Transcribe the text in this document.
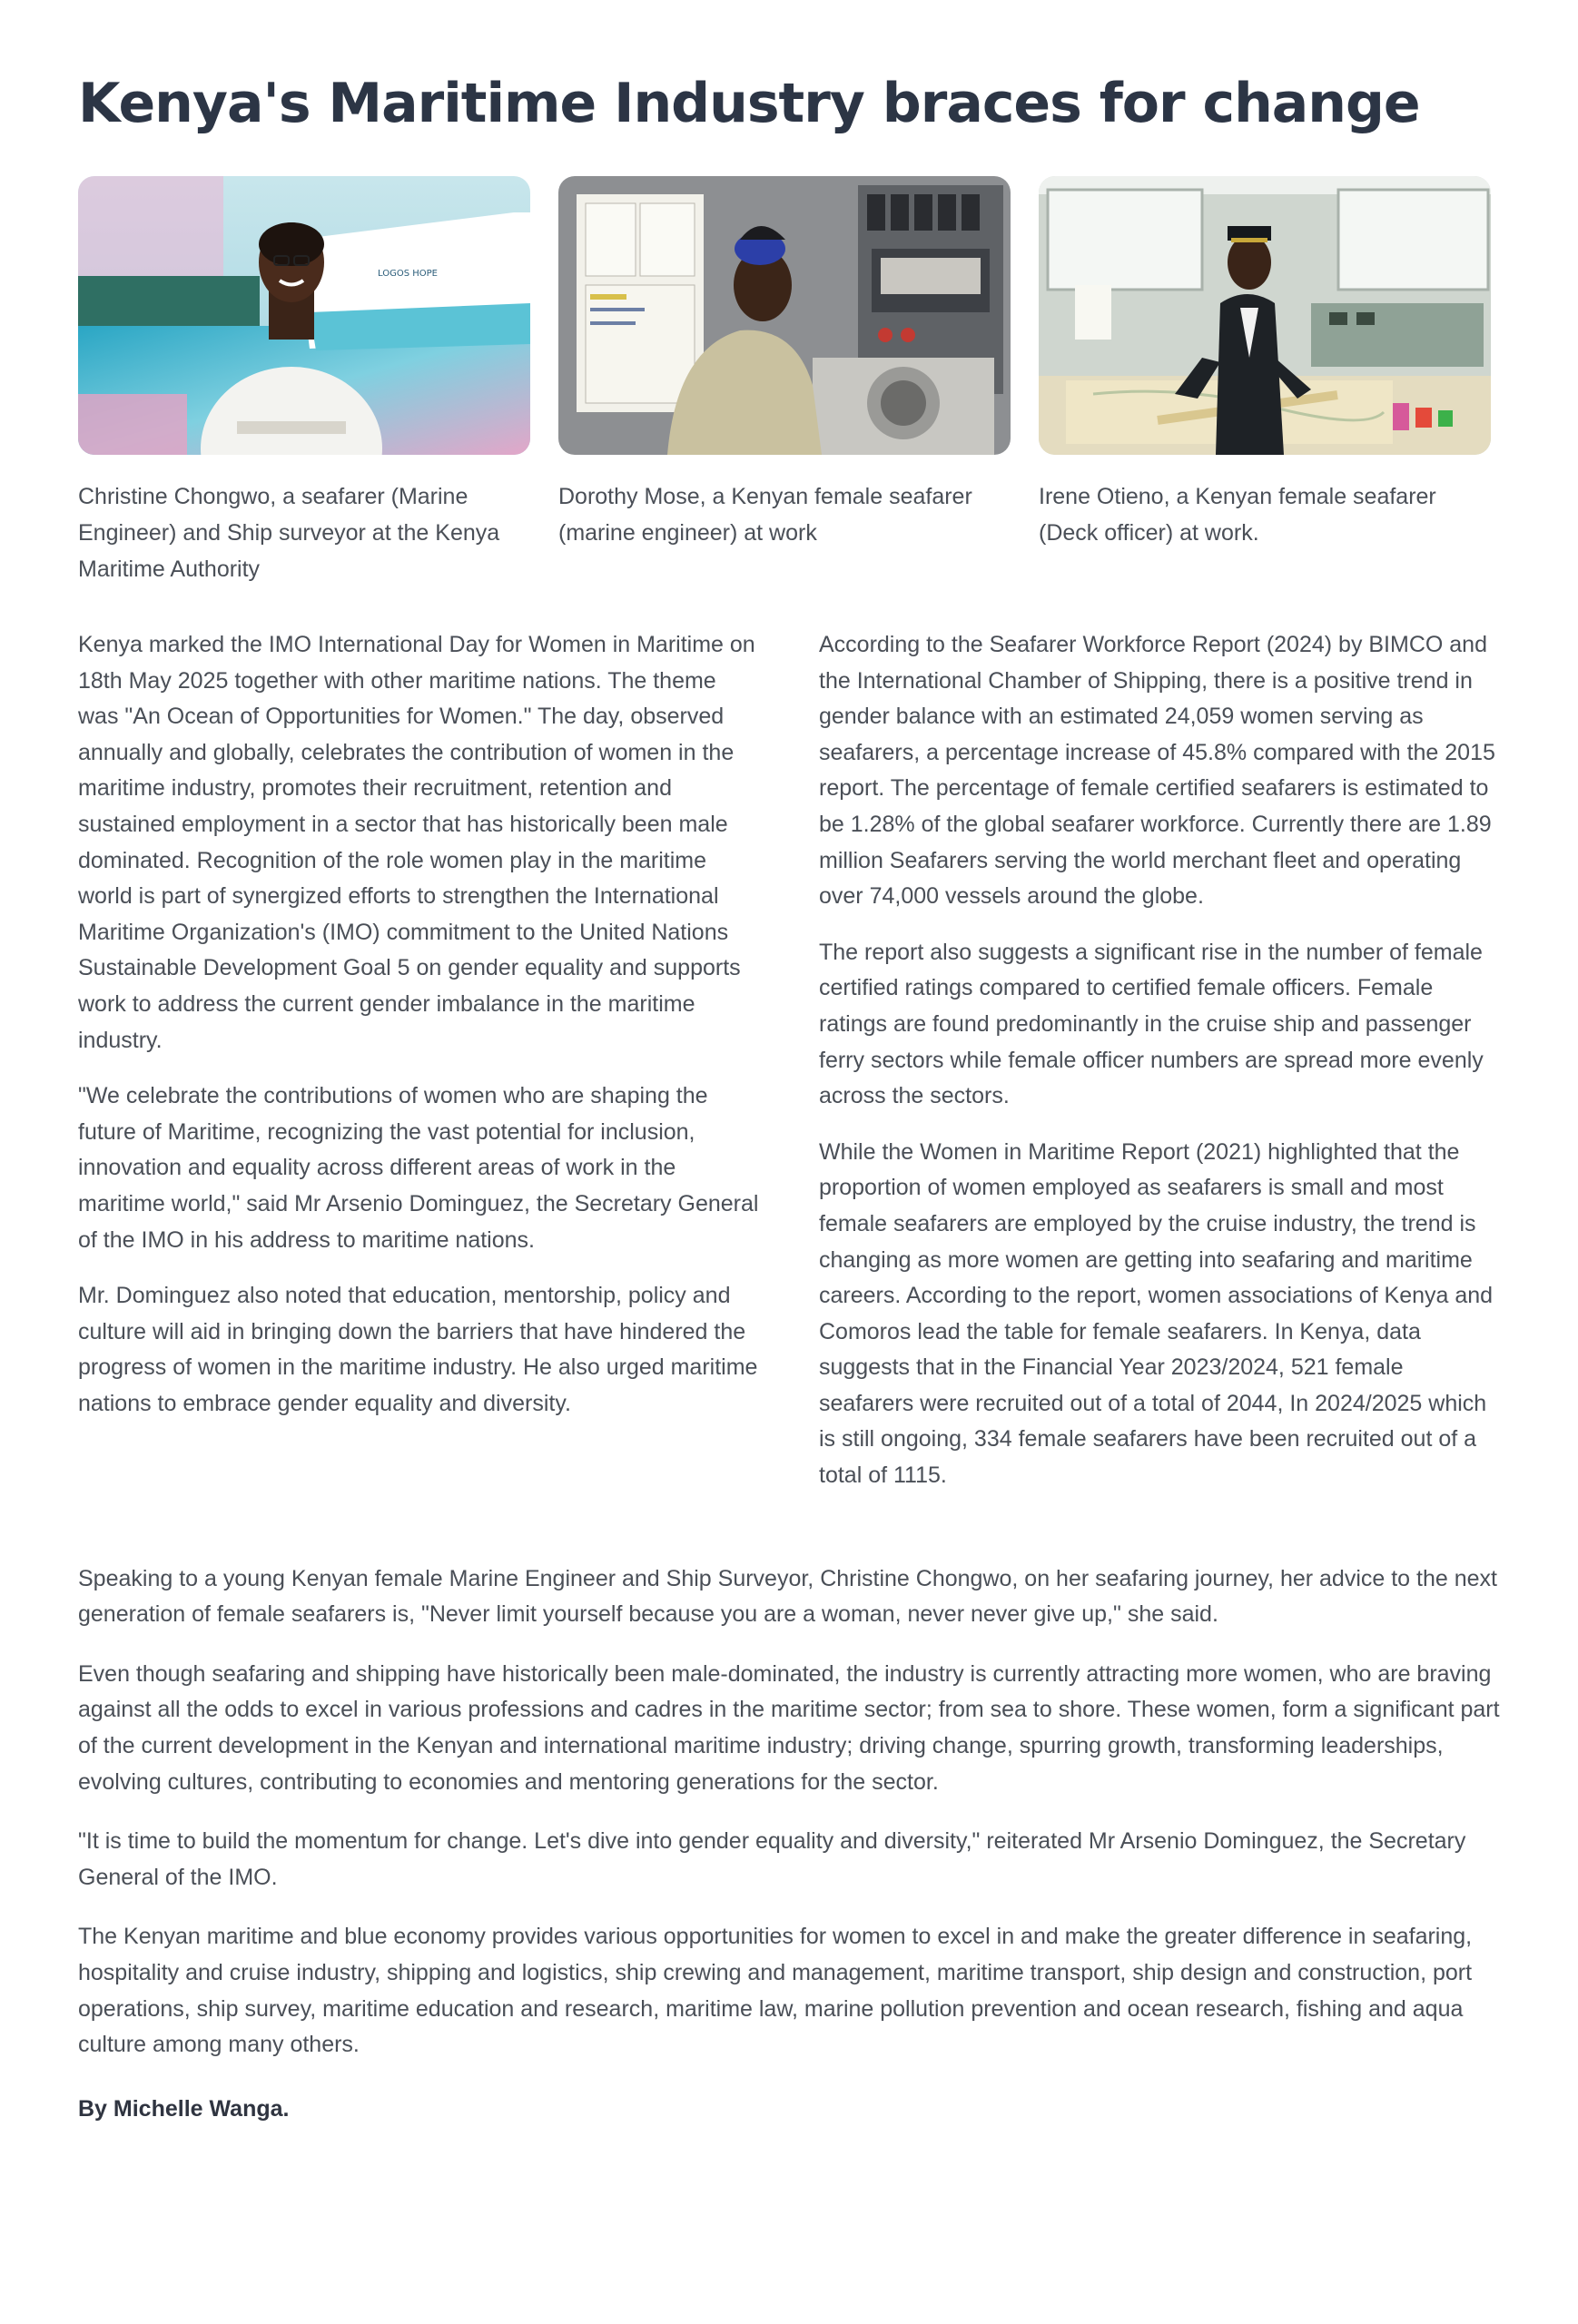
Kenya's Maritime Industry braces for change
LOGOS HOPE
Christine Chongwo, a seafarer (Marine Engineer) and Ship surveyor at the Kenya Maritime Authority
Dorothy Mose, a Kenyan female seafarer (marine engineer) at work
Irene Otieno, a Kenyan female seafarer (Deck officer) at work.

Kenya marked the IMO International Day for Women in Maritime on 18th May 2025 together with other maritime nations. The theme was "An Ocean of Opportunities for Women." The day, observed annually and globally, celebrates the contribution of women in the maritime industry, promotes their recruitment, retention and sustained employment in a sector that has historically been male dominated. Recognition of the role women play in the maritime world is part of synergized efforts to strengthen the International Maritime Organization's (IMO) commitment to the United Nations Sustainable Development Goal 5 on gender equality and supports work to address the current gender imbalance in the maritime industry.

"We celebrate the contributions of women who are shaping the future of Maritime, recognizing the vast potential for inclusion, innovation and equality across different areas of work in the maritime world," said Mr Arsenio Dominguez, the Secretary General of the IMO in his address to maritime nations.

Mr. Dominguez also noted that education, mentorship, policy and culture will aid in bringing down the barriers that have hindered the progress of women in the maritime industry. He also urged maritime nations to embrace gender equality and diversity.

According to the Seafarer Workforce Report (2024) by BIMCO and the International Chamber of Shipping, there is a positive trend in gender balance with an estimated 24,059 women serving as seafarers, a percentage increase of 45.8% compared with the 2015 report. The percentage of female certified seafarers is estimated to be 1.28% of the global seafarer workforce. Currently there are 1.89 million Seafarers serving the world merchant fleet and operating over 74,000 vessels around the globe.

The report also suggests a significant rise in the number of female certified ratings compared to certified female officers. Female ratings are found predominantly in the cruise ship and passenger ferry sectors while female officer numbers are spread more evenly across the sectors.

While the Women in Maritime Report (2021) highlighted that the proportion of women employed as seafarers is small and most female seafarers are employed by the cruise industry, the trend is changing as more women are getting into seafaring and maritime careers. According to the report, women associations of Kenya and Comoros lead the table for female seafarers. In Kenya, data suggests that in the Financial Year 2023/2024, 521 female seafarers were recruited out of a total of 2044, In 2024/2025 which is still ongoing, 334 female seafarers have been recruited out of a total of 1115.

Speaking to a young Kenyan female Marine Engineer and Ship Surveyor, Christine Chongwo, on her seafaring journey, her advice to the next generation of female seafarers is, "Never limit yourself because you are a woman, never never give up," she said.

Even though seafaring and shipping have historically been male-dominated, the industry is currently attracting more women, who are braving against all the odds to excel in various professions and cadres in the maritime sector; from sea to shore. These women, form a significant part of the current development in the Kenyan and international maritime industry; driving change, spurring growth, transforming leaderships, evolving cultures, contributing to economies and mentoring generations for the sector.

"It is time to build the momentum for change. Let's dive into gender equality and diversity," reiterated Mr Arsenio Dominguez, the Secretary General of the IMO.

The Kenyan maritime and blue economy provides various opportunities for women to excel in and make the greater difference in seafaring, hospitality and cruise industry, shipping and logistics, ship crewing and management, maritime transport, ship design and construction, port operations, ship survey, maritime education and research, maritime law, marine pollution prevention and ocean research, fishing and aqua culture among many others.

By Michelle Wanga.
